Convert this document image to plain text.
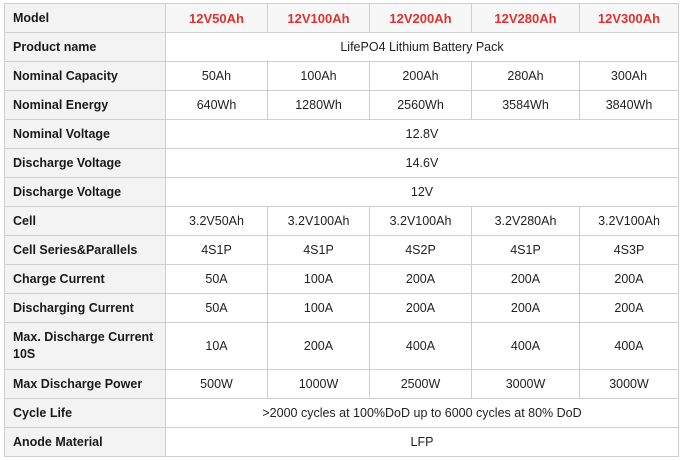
Model	12V50Ah	12V100Ah	12V200Ah	12V280Ah	12V300Ah
Product name	LifePO4 Lithium Battery Pack				
Nominal Capacity	50Ah	100Ah	200Ah	280Ah	300Ah
Nominal Energy	640Wh	1280Wh	2560Wh	3584Wh	3840Wh
Nominal Voltage	12.8V				
Discharge Voltage	14.6V				
Discharge Voltage	12V				
Cell	3.2V50Ah	3.2V100Ah	3.2V100Ah	3.2V280Ah	3.2V100Ah
Cell Series&Parallels	4S1P	4S1P	4S2P	4S1P	4S3P
Charge Current	50A	100A	200A	200A	200A
Discharging Current	50A	100A	200A	200A	200A
Max. Discharge Current 10S	10A	200A	400A	400A	400A
Max Discharge Power	500W	1000W	2500W	3000W	3000W
Cycle Life	>2000 cycles at 100%DoD up to 6000 cycles at 80% DoD				
Anode Material	LFP				
